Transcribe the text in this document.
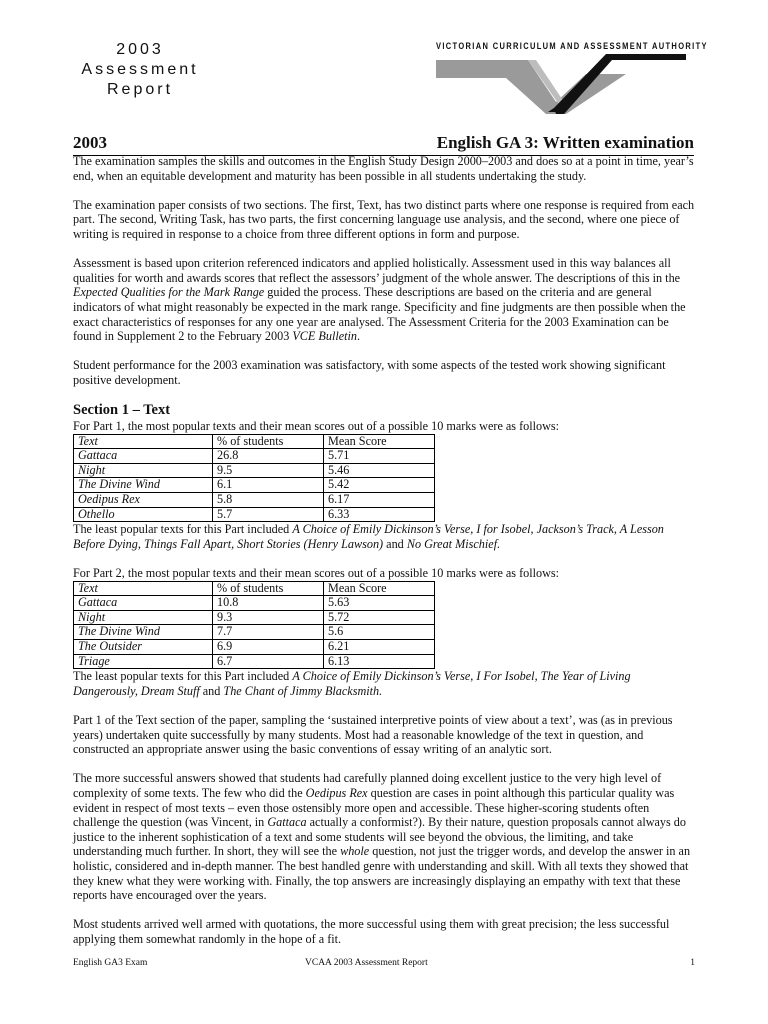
2003
Assessment
Report
VICTORIAN CURRICULUM AND ASSESSMENT AUTHORITY
2003	English GA 3: Written examination

The examination samples the skills and outcomes in the English Study Design 2000–2003 and does so at a point in time, year’s end, when an equitable development and maturity has been possible in all students undertaking the study.

The examination paper consists of two sections. The first, Text, has two distinct parts where one response is required from each part. The second, Writing Task, has two parts, the first concerning language use analysis, and the second, where one piece of writing is required in response to a choice from three different options in form and purpose.

Assessment is based upon criterion referenced indicators and applied holistically. Assessment used in this way balances all qualities for worth and awards scores that reflect the assessors’ judgment of the whole answer. The descriptions of this in the Expected Qualities for the Mark Range guided the process. These descriptions are based on the criteria and are general indicators of what might reasonably be expected in the mark range. Specificity and fine judgments are then possible when the exact characteristics of responses for any one year are analysed. The Assessment Criteria for the 2003 Examination can be found in Supplement 2 to the February 2003 VCE Bulletin.

Student performance for the 2003 examination was satisfactory, with some aspects of the tested work showing significant positive development.

Section 1 – Text

For Part 1, the most popular texts and their mean scores out of a possible 10 marks were as follows:

Text	% of students	Mean Score
Gattaca	26.8	5.71
Night	9.5	5.46
The Divine Wind	6.1	5.42
Oedipus Rex	5.8	6.17
Othello	5.7	6.33

The least popular texts for this Part included A Choice of Emily Dickinson’s Verse, I for Isobel, Jackson’s Track, A Lesson Before Dying, Things Fall Apart, Short Stories (Henry Lawson) and No Great Mischief.

For Part 2, the most popular texts and their mean scores out of a possible 10 marks were as follows:

Text	% of students	Mean Score
Gattaca	10.8	5.63
Night	9.3	5.72
The Divine Wind	7.7	5.6
The Outsider	6.9	6.21
Triage	6.7	6.13

The least popular texts for this Part included A Choice of Emily Dickinson’s Verse, I For Isobel, The Year of Living Dangerously, Dream Stuff and The Chant of Jimmy Blacksmith.

Part 1 of the Text section of the paper, sampling the ‘sustained interpretive points of view about a text’, was (as in previous years) undertaken quite successfully by many students. Most had a reasonable knowledge of the text in question, and constructed an appropriate answer using the basic conventions of essay writing of an analytic sort.

The more successful answers showed that students had carefully planned doing excellent justice to the very high level of complexity of some texts. The few who did the Oedipus Rex question are cases in point although this particular quality was evident in respect of most texts – even those ostensibly more open and accessible. These higher-scoring students often challenge the question (was Vincent, in Gattaca actually a conformist?). By their nature, question proposals cannot always do justice to the inherent sophistication of a text and some students will see beyond the obvious, the limiting, and take understanding much further. In short, they will see the whole question, not just the trigger words, and develop the answer in an holistic, considered and in-depth manner. The best handled genre with understanding and skill. With all texts they showed that they knew what they were working with. Finally, the top answers are increasingly displaying an empathy with text that these reports have encouraged over the years.

Most students arrived well armed with quotations, the more successful using them with great precision; the less successful applying them somewhat randomly in the hope of a fit.

English GA3 Exam	VCAA 2003 Assessment Report	1
